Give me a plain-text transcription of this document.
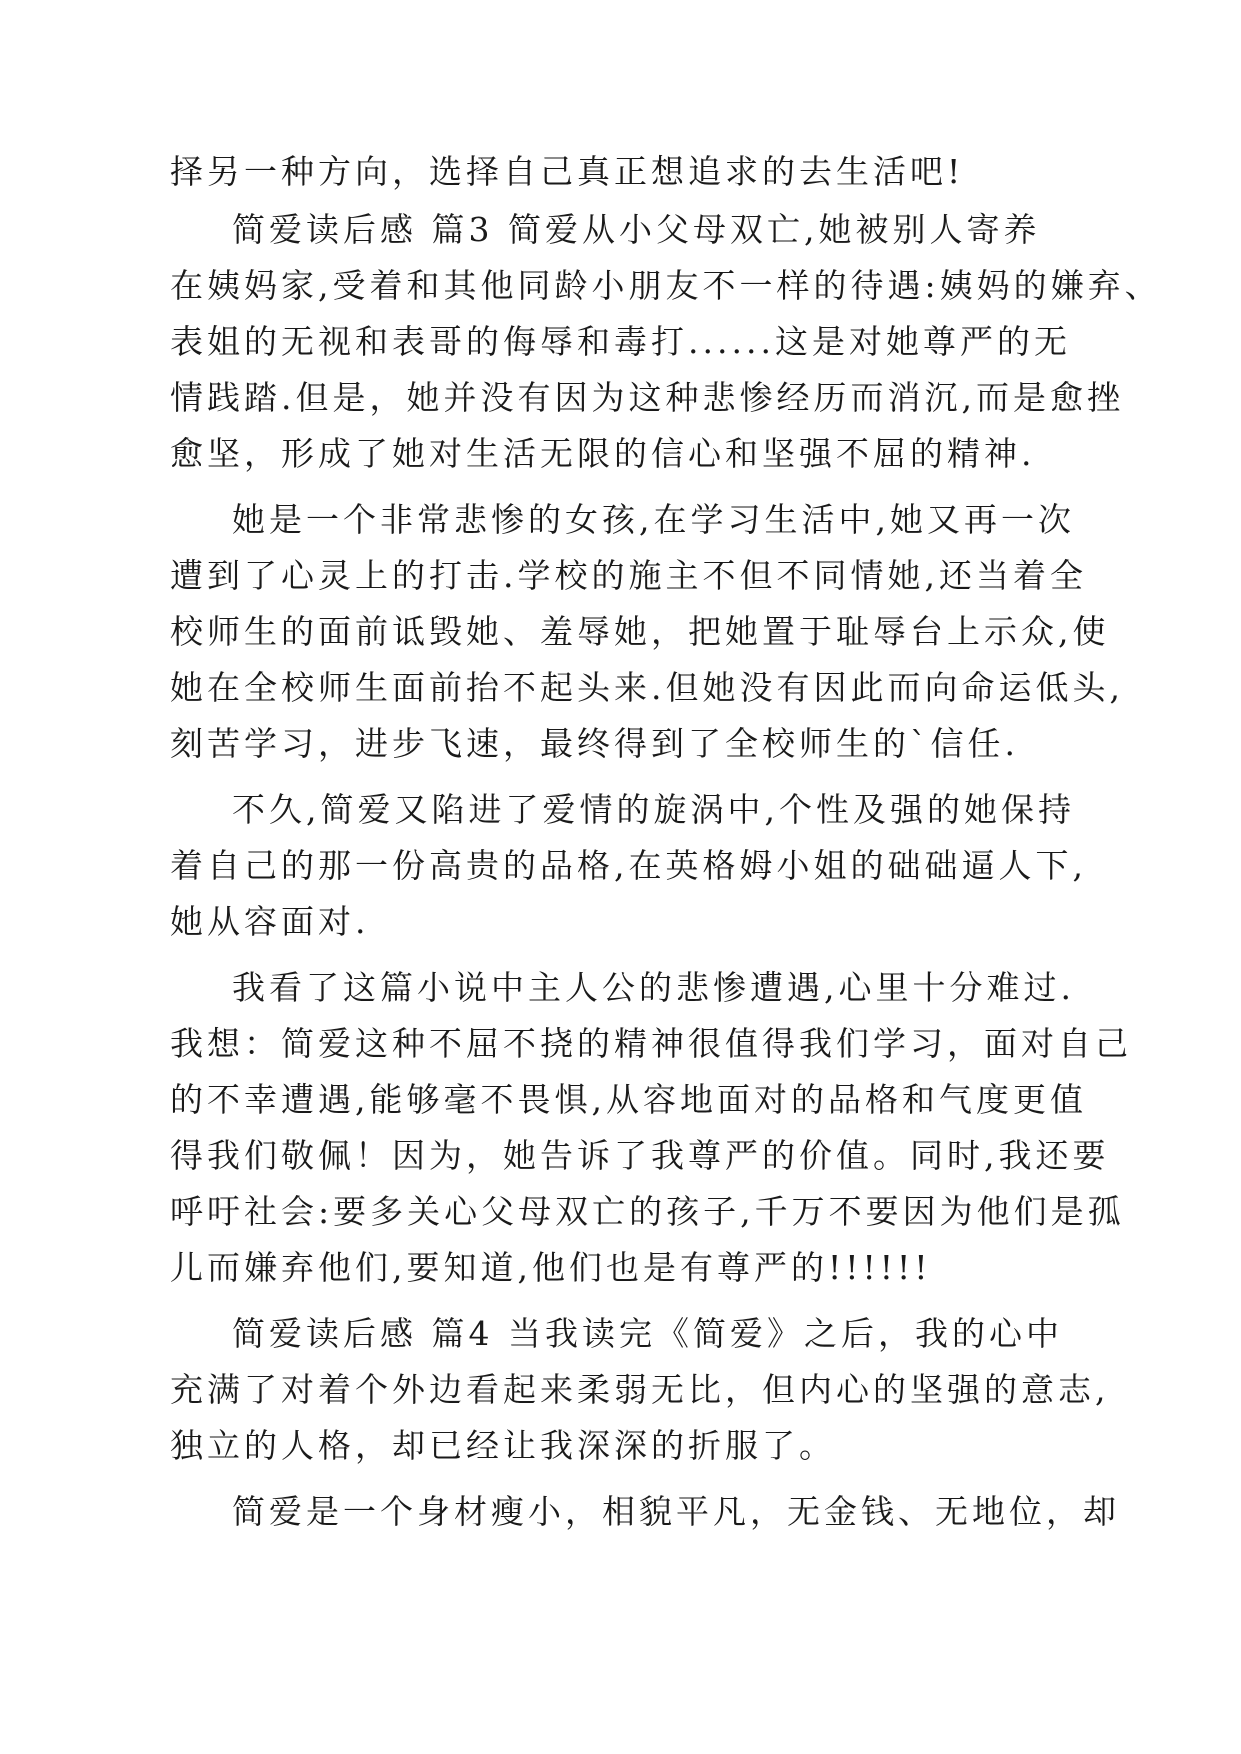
择另一种方向，选择自己真正想追求的去生活吧!
简爱读后感 篇3 简爱从小父母双亡,她被别人寄养
在姨妈家,受着和其他同龄小朋友不一样的待遇:姨妈的嫌弃、
表姐的无视和表哥的侮辱和毒打......这是对她尊严的无
情践踏.但是，她并没有因为这种悲惨经历而消沉,而是愈挫
愈坚，形成了她对生活无限的信心和坚强不屈的精神.
她是一个非常悲惨的女孩,在学习生活中,她又再一次
遭到了心灵上的打击.学校的施主不但不同情她,还当着全
校师生的面前诋毁她、羞辱她，把她置于耻辱台上示众,使
她在全校师生面前抬不起头来.但她没有因此而向命运低头,
刻苦学习，进步飞速，最终得到了全校师生的`信任.
不久,简爱又陷进了爱情的旋涡中,个性及强的她保持
着自己的那一份高贵的品格,在英格姆小姐的础础逼人下,
她从容面对.
我看了这篇小说中主人公的悲惨遭遇,心里十分难过.
我想：简爱这种不屈不挠的精神很值得我们学习，面对自己
的不幸遭遇,能够毫不畏惧,从容地面对的品格和气度更值
得我们敬佩！因为，她告诉了我尊严的价值。同时,我还要
呼吁社会:要多关心父母双亡的孩子,千万不要因为他们是孤
儿而嫌弃他们,要知道,他们也是有尊严的!!!!!!
简爱读后感 篇4 当我读完《简爱》之后，我的心中
充满了对着个外边看起来柔弱无比，但内心的坚强的意志,
独立的人格，却已经让我深深的折服了。
简爱是一个身材瘦小，相貌平凡，无金钱、无地位，却
